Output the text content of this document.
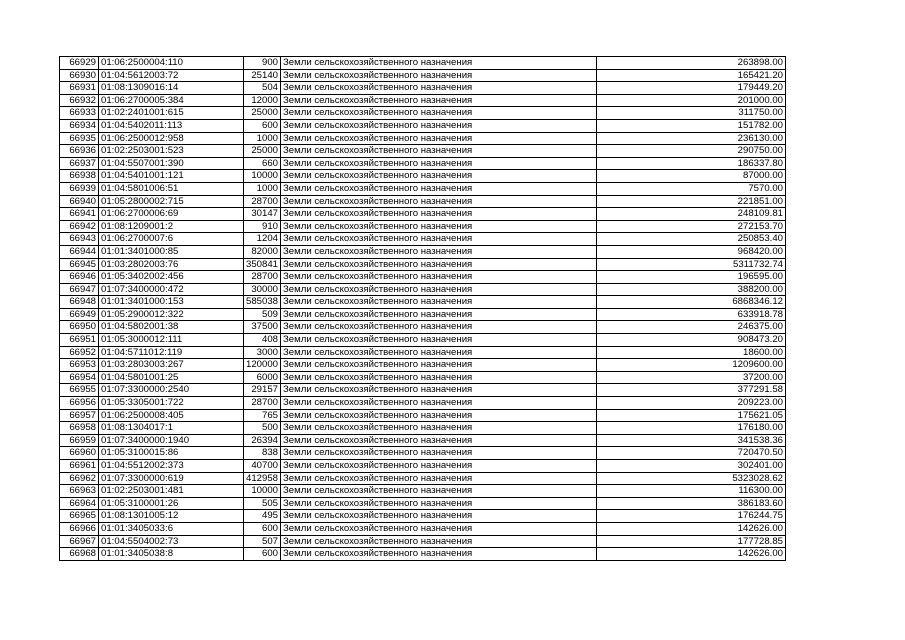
66929	01:06:2500004:110	900	Земли сельскохозяйственного назначения	263898.00
66930	01:04:5612003:72	25140	Земли сельскохозяйственного назначения	165421.20
66931	01:08:1309016:14	504	Земли сельскохозяйственного назначения	179449.20
66932	01:06:2700005:384	12000	Земли сельскохозяйственного назначения	201000.00
66933	01:02:2401001:615	25000	Земли сельскохозяйственного назначения	311750.00
66934	01:04:5402011:113	600	Земли сельскохозяйственного назначения	151782.00
66935	01:06:2500012:958	1000	Земли сельскохозяйственного назначения	236130.00
66936	01:02:2503001:523	25000	Земли сельскохозяйственного назначения	290750.00
66937	01:04:5507001:390	660	Земли сельскохозяйственного назначения	186337.80
66938	01:04:5401001:121	10000	Земли сельскохозяйственного назначения	87000.00
66939	01:04:5801006:51	1000	Земли сельскохозяйственного назначения	7570.00
66940	01:05:2800002:715	28700	Земли сельскохозяйственного назначения	221851.00
66941	01:06:2700006:69	30147	Земли сельскохозяйственного назначения	248109.81
66942	01:08:1209001:2	910	Земли сельскохозяйственного назначения	272153.70
66943	01:06:2700007:6	1204	Земли сельскохозяйственного назначения	250853.40
66944	01:01:3401000:85	82000	Земли сельскохозяйственного назначения	968420.00
66945	01:03:2802003:76	350841	Земли сельскохозяйственного назначения	5311732.74
66946	01:05:3402002:456	28700	Земли сельскохозяйственного назначения	196595.00
66947	01:07:3400000:472	30000	Земли сельскохозяйственного назначения	388200.00
66948	01:01:3401000:153	585038	Земли сельскохозяйственного назначения	6868346.12
66949	01:05:2900012:322	509	Земли сельскохозяйственного назначения	633918.78
66950	01:04:5802001:38	37500	Земли сельскохозяйственного назначения	246375.00
66951	01:05:3000012:111	408	Земли сельскохозяйственного назначения	908473.20
66952	01:04:5711012:119	3000	Земли сельскохозяйственного назначения	18600.00
66953	01:03:2803003:267	120000	Земли сельскохозяйственного назначения	1209600.00
66954	01:04:5801001:25	6000	Земли сельскохозяйственного назначения	37200.00
66955	01:07:3300000:2540	29157	Земли сельскохозяйственного назначения	377291.58
66956	01:05:3305001:722	28700	Земли сельскохозяйственного назначения	209223.00
66957	01:06:2500008:405	765	Земли сельскохозяйственного назначения	175621.05
66958	01:08:1304017:1	500	Земли сельскохозяйственного назначения	176180.00
66959	01:07:3400000:1940	26394	Земли сельскохозяйственного назначения	341538.36
66960	01:05:3100015:86	838	Земли сельскохозяйственного назначения	720470.50
66961	01:04:5512002:373	40700	Земли сельскохозяйственного назначения	302401.00
66962	01:07:3300000:619	412958	Земли сельскохозяйственного назначения	5323028.62
66963	01:02:2503001:481	10000	Земли сельскохозяйственного назначения	116300.00
66964	01:05:3100001:26	505	Земли сельскохозяйственного назначения	386183.60
66965	01:08:1301005:12	495	Земли сельскохозяйственного назначения	176244.75
66966	01:01:3405033:6	600	Земли сельскохозяйственного назначения	142626.00
66967	01:04:5504002:73	507	Земли сельскохозяйственного назначения	177728.85
66968	01:01:3405038:8	600	Земли сельскохозяйственного назначения	142626.00
